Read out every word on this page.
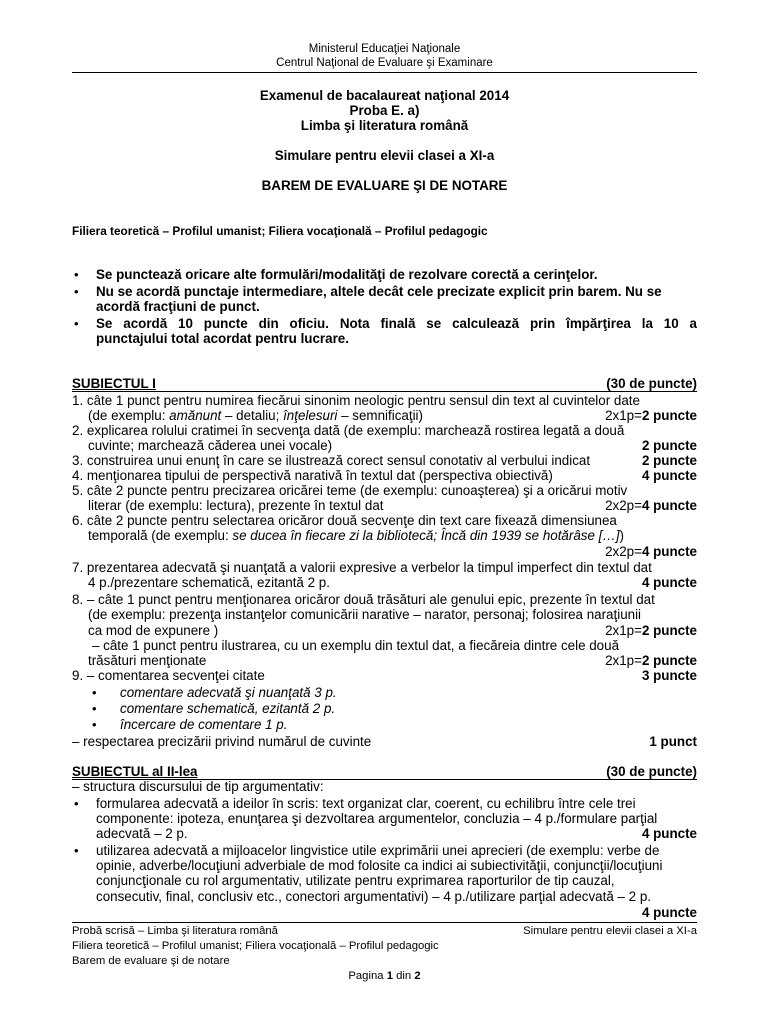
Ministerul Educaţiei Naţionale
Centrul Naţional de Evaluare şi Examinare
Examenul de bacalaureat naţional 2014
Proba E. a)
Limba şi literatura română
Simulare pentru elevii clasei a XI-a
BAREM DE EVALUARE ŞI DE NOTARE
Filiera teoretică – Profilul umanist; Filiera vocaţională – Profilul pedagogic
• Se punctează oricare alte formulări/modalităţi de rezolvare corectă a cerinţelor.
• Nu se acordă punctaje intermediare, altele decât cele precizate explicit prin barem. Nu se
acordă fracţiuni de punct.
• Se acordă 10 puncte din oficiu. Nota finală se calculează prin împărţirea la 10 a
punctajului total acordat pentru lucrare.
SUBIECTUL I	(30 de puncte)
1. câte 1 punct pentru numirea fiecărui sinonim neologic pentru sensul din text al cuvintelor date
(de exemplu: amănunt – detaliu; înţelesuri – semnificaţii)	2x1p=2 puncte
2. explicarea rolului cratimei în secvenţa dată (de exemplu: marchează rostirea legată a două
cuvinte; marchează căderea unei vocale)	2 puncte
3. construirea unui enunţ în care se ilustrează corect sensul conotativ al verbului indicat	2 puncte
4. menţionarea tipului de perspectivă narativă în textul dat (perspectiva obiectivă)	4 puncte
5. câte 2 puncte pentru precizarea oricărei teme (de exemplu: cunoaşterea) şi a oricărui motiv
literar (de exemplu: lectura), prezente în textul dat	2x2p=4 puncte
6. câte 2 puncte pentru selectarea oricăror două secvenţe din text care fixează dimensiunea
temporală (de exemplu: se ducea în fiecare zi la bibliotecă; Încă din 1939 se hotărâse […])
2x2p=4 puncte
7. prezentarea adecvată şi nuanţată a valorii expresive a verbelor la timpul imperfect din textul dat
4 p./prezentare schematică, ezitantă 2 p.	4 puncte
8. – câte 1 punct pentru menţionarea oricăror două trăsături ale genului epic, prezente în textul dat
(de exemplu: prezenţa instanţelor comunicării narative – narator, personaj; folosirea naraţiunii
ca mod de expunere )	2x1p=2 puncte
– câte 1 punct pentru ilustrarea, cu un exemplu din textul dat, a fiecăreia dintre cele două
trăsături menţionate	2x1p=2 puncte
9. – comentarea secvenţei citate	3 puncte
• comentare adecvată şi nuanţată 3 p.
• comentare schematică, ezitantă 2 p.
• încercare de comentare 1 p.
– respectarea precizării privind numărul de cuvinte	1 punct
SUBIECTUL al II-lea	(30 de puncte)
– structura discursului de tip argumentativ:
• formularea adecvată a ideilor în scris: text organizat clar, coerent, cu echilibru între cele trei
componente: ipoteza, enunţarea şi dezvoltarea argumentelor, concluzia – 4 p./formulare parţial
adecvată – 2 p.	4 puncte
• utilizarea adecvată a mijloacelor lingvistice utile exprimării unei aprecieri (de exemplu: verbe de
opinie, adverbe/locuţiuni adverbiale de mod folosite ca indici ai subiectivităţii, conjuncţii/locuţiuni
conjuncţionale cu rol argumentativ, utilizate pentru exprimarea raporturilor de tip cauzal,
consecutiv, final, conclusiv etc., conectori argumentativi) – 4 p./utilizare parţial adecvată – 2 p.
4 puncte
Probă scrisă – Limba şi literatura română	Simulare pentru elevii clasei a XI-a
Filiera teoretică – Profilul umanist; Filiera vocaţională – Profilul pedagogic
Barem de evaluare şi de notare
Pagina 1 din 2
